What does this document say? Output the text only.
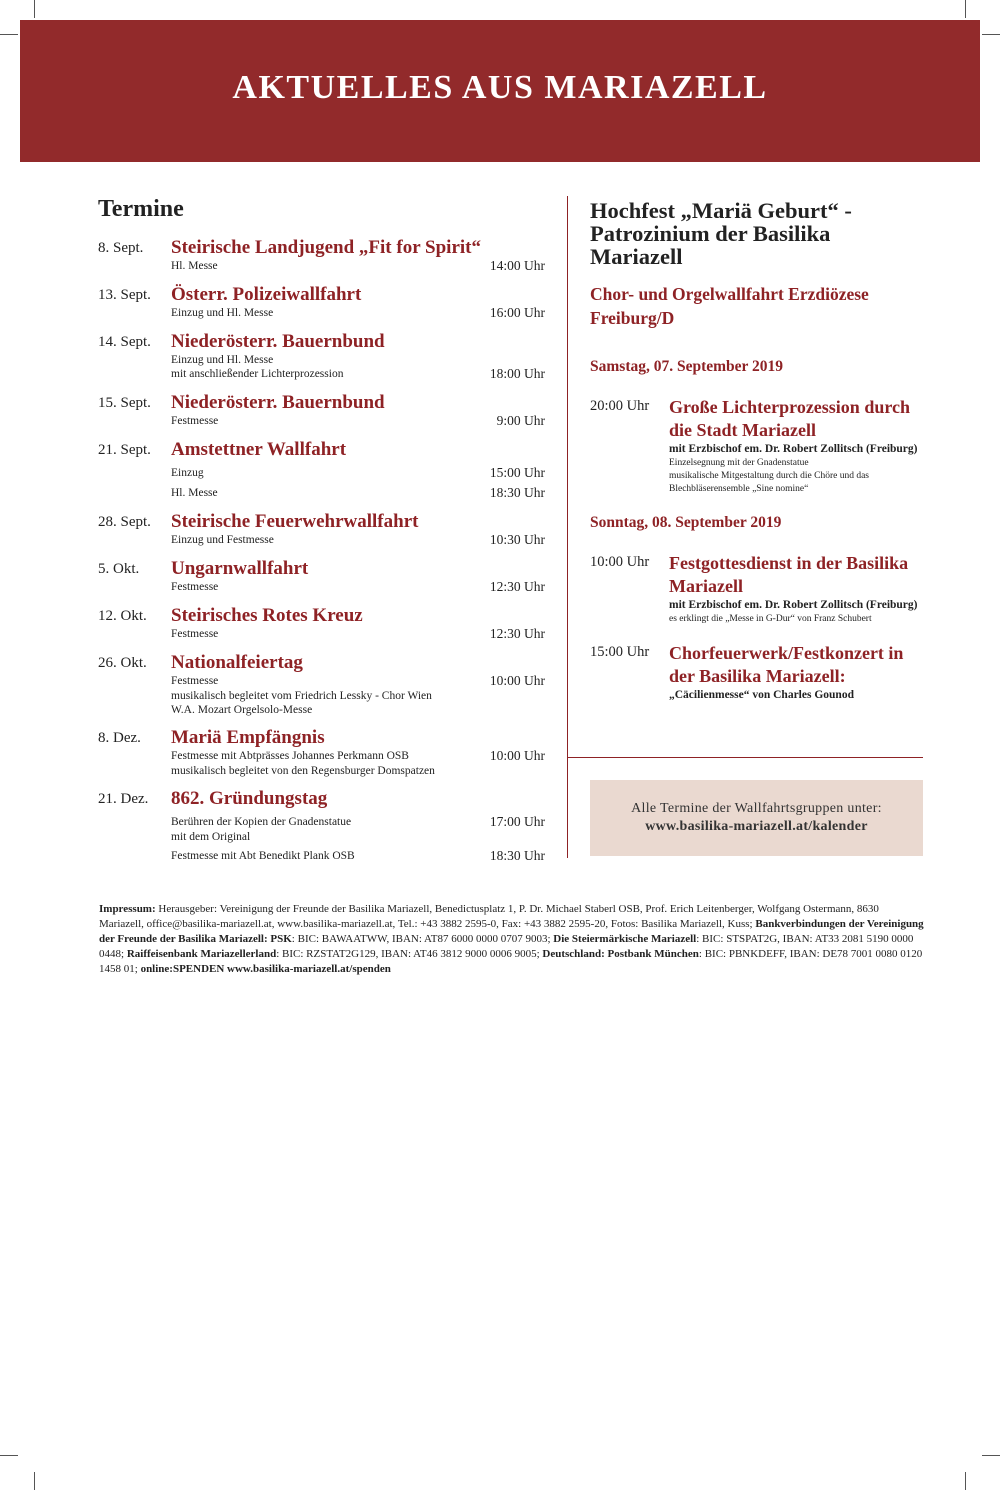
AKTUELLES AUS MARIAZELL
Termine
8. Sept. Steirische Landjugend „Fit for Spirit“
Hl. Messe	14:00 Uhr
13. Sept. Österr. Polizeiwallfahrt
Einzug und Hl. Messe	16:00 Uhr
14. Sept. Niederösterr. Bauernbund
Einzug und Hl. Messe
mit anschließender Lichterprozession	18:00 Uhr
15. Sept. Niederösterr. Bauernbund
Festmesse	9:00 Uhr
21. Sept. Amstettner Wallfahrt
Einzug	15:00 Uhr
Hl. Messe	18:30 Uhr
28. Sept. Steirische Feuerwehrwallfahrt
Einzug und Festmesse	10:30 Uhr
5. Okt. Ungarnwallfahrt
Festmesse	12:30 Uhr
12. Okt. Steirisches Rotes Kreuz
Festmesse	12:30 Uhr
26. Okt. Nationalfeiertag
Festmesse	10:00 Uhr
musikalisch begleitet vom Friedrich Lessky - Chor Wien
W.A. Mozart Orgelsolo-Messe
8. Dez. Mariä Empfängnis
Festmesse mit Abtprässes Johannes Perkmann OSB	10:00 Uhr
musikalisch begleitet von den Regensburger Domspatzen
21. Dez. 862. Gründungstag
Berühren der Kopien der Gnadenstatue	17:00 Uhr
mit dem Original
Festmesse mit Abt Benedikt Plank OSB	18:30 Uhr
Hochfest „Mariä Geburt“ - Patrozinium der Basilika Mariazell
Chor- und Orgelwallfahrt Erzdiözese Freiburg/D
Samstag, 07. September 2019
20:00 Uhr Große Lichterprozession durch die Stadt Mariazell
mit Erzbischof em. Dr. Robert Zollitsch (Freiburg)
Einzelsegnung mit der Gnadenstatue
musikalische Mitgestaltung durch die Chöre und das Blechbläserensemble „Sine nomine“
Sonntag, 08. September 2019
10:00 Uhr Festgottesdienst in der Basilika Mariazell
mit Erzbischof em. Dr. Robert Zollitsch (Freiburg)
es erklingt die „Messe in G-Dur“ von Franz Schubert
15:00 Uhr Chorfeuerwerk/Festkonzert in der Basilika Mariazell:
„Cäcilienmesse“ von Charles Gounod
Alle Termine der Wallfahrtsgruppen unter:
www.basilika-mariazell.at/kalender
Impressum: Herausgeber: Vereinigung der Freunde der Basilika Mariazell, Benedictusplatz 1, P. Dr. Michael Staberl OSB, Prof. Erich Leitenberger, Wolfgang Ostermann, 8630 Mariazell, office@basilika-mariazell.at, www.basilika-mariazell.at, Tel.: +43 3882 2595-0, Fax: +43 3882 2595-20, Fotos: Basilika Mariazell, Kuss; Bankverbindungen der Vereinigung der Freunde der Basilika Mariazell: PSK: BIC: BAWAATWW, IBAN: AT87 6000 0000 0707 9003; Die Steiermärkische Mariazell: BIC: STSPAT2G, IBAN: AT33 2081 5190 0000 0448; Raiffeisenbank Mariazellerland: BIC: RZSTAT2G129, IBAN: AT46 3812 9000 0006 9005; Deutschland: Postbank München: BIC: PBNKDEFF, IBAN: DE78 7001 0080 0120 1458 01; online:SPENDEN www.basilika-mariazell.at/spenden
